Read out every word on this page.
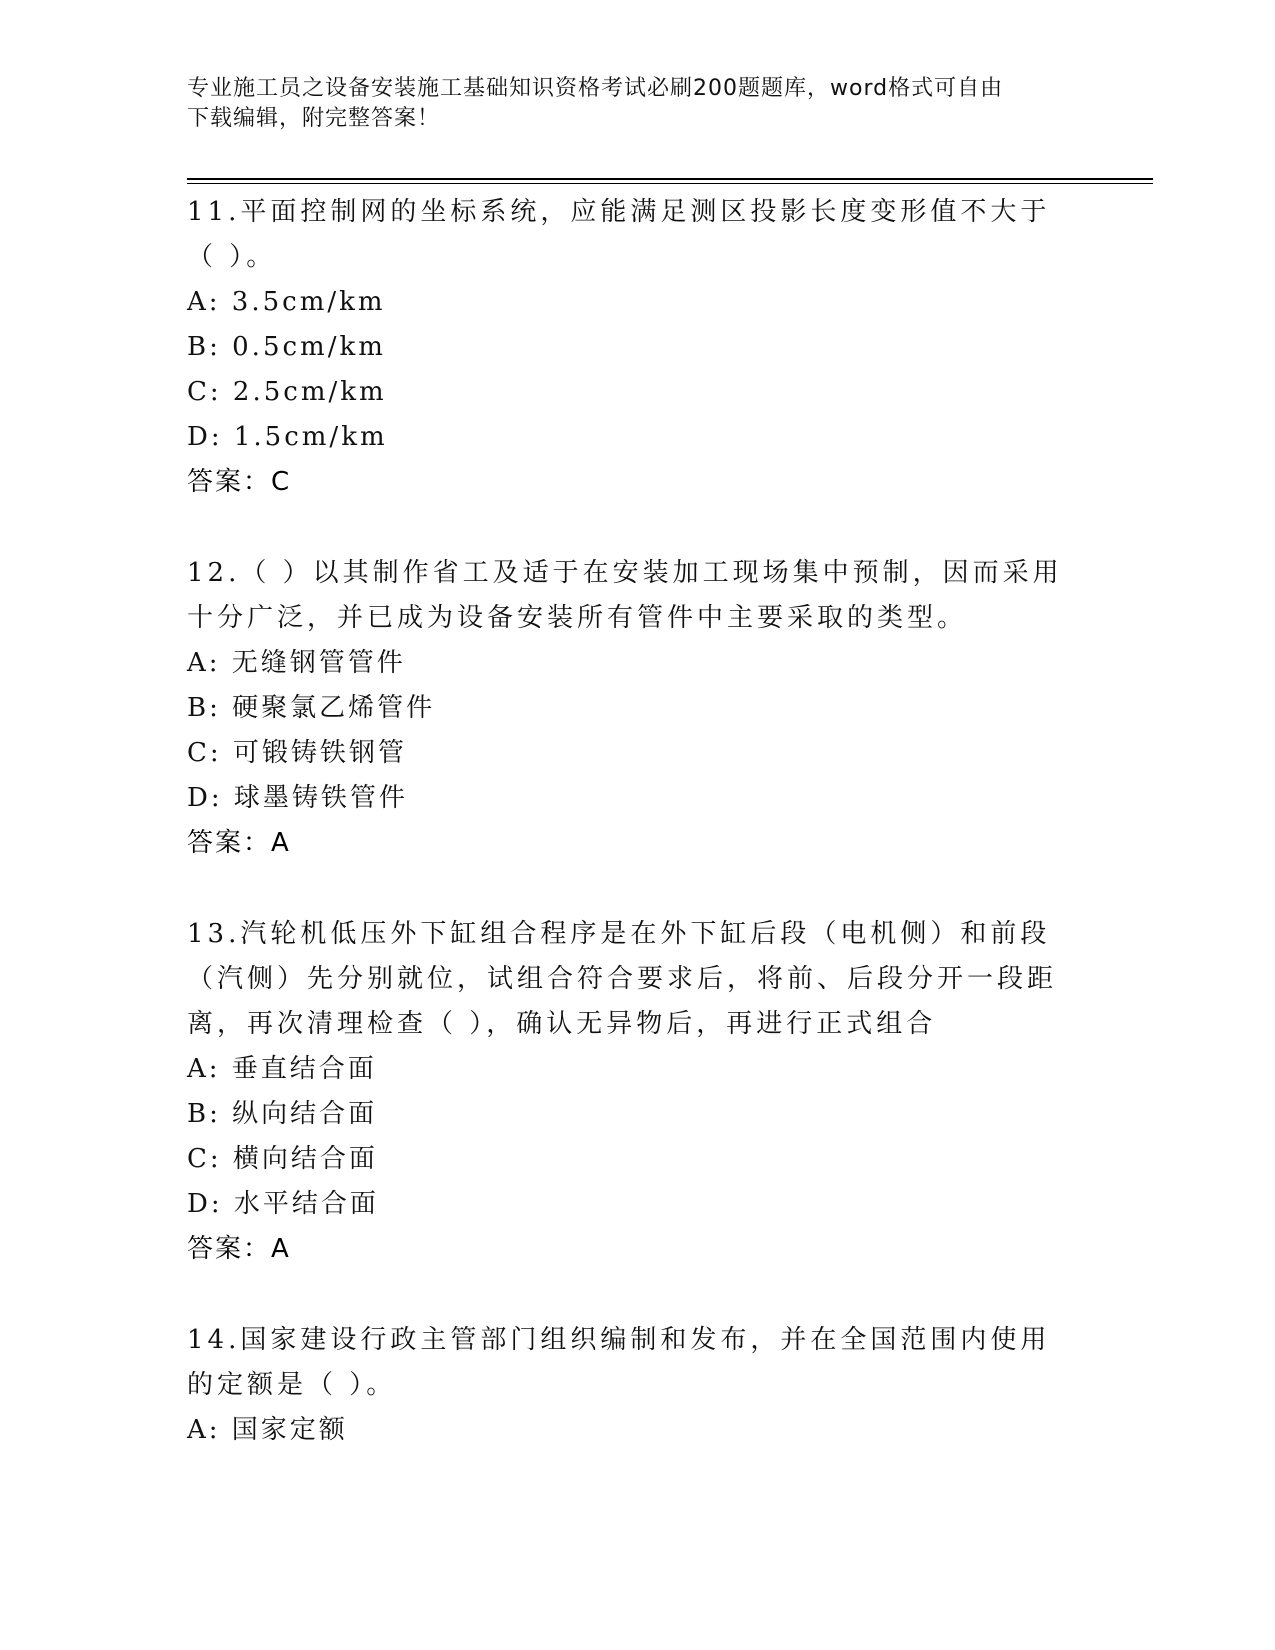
专业施工员之设备安装施工基础知识资格考试必刷200题题库，word格式可自由
下载编辑，附完整答案！

11.平面控制网的坐标系统，应能满足测区投影长度变形值不大于（ ）。

A: 3.5cm/km
B: 0.5cm/km
C: 2.5cm/km
D: 1.5cm/km
答案：C

12.（ ）以其制作省工及适于在安装加工现场集中预制，因而采用十分广泛，并已成为设备安装所有管件中主要采取的类型。

A: 无缝钢管管件
B: 硬聚氯乙烯管件
C: 可锻铸铁钢管
D: 球墨铸铁管件
答案：A

13.汽轮机低压外下缸组合程序是在外下缸后段（电机侧）和前段（汽侧）先分别就位，试组合符合要求后，将前、后段分开一段距离，再次清理检查（ ），确认无异物后，再进行正式组合

A: 垂直结合面
B: 纵向结合面
C: 横向结合面
D: 水平结合面
答案：A

14.国家建设行政主管部门组织编制和发布，并在全国范围内使用的定额是（ ）。

A: 国家定额
